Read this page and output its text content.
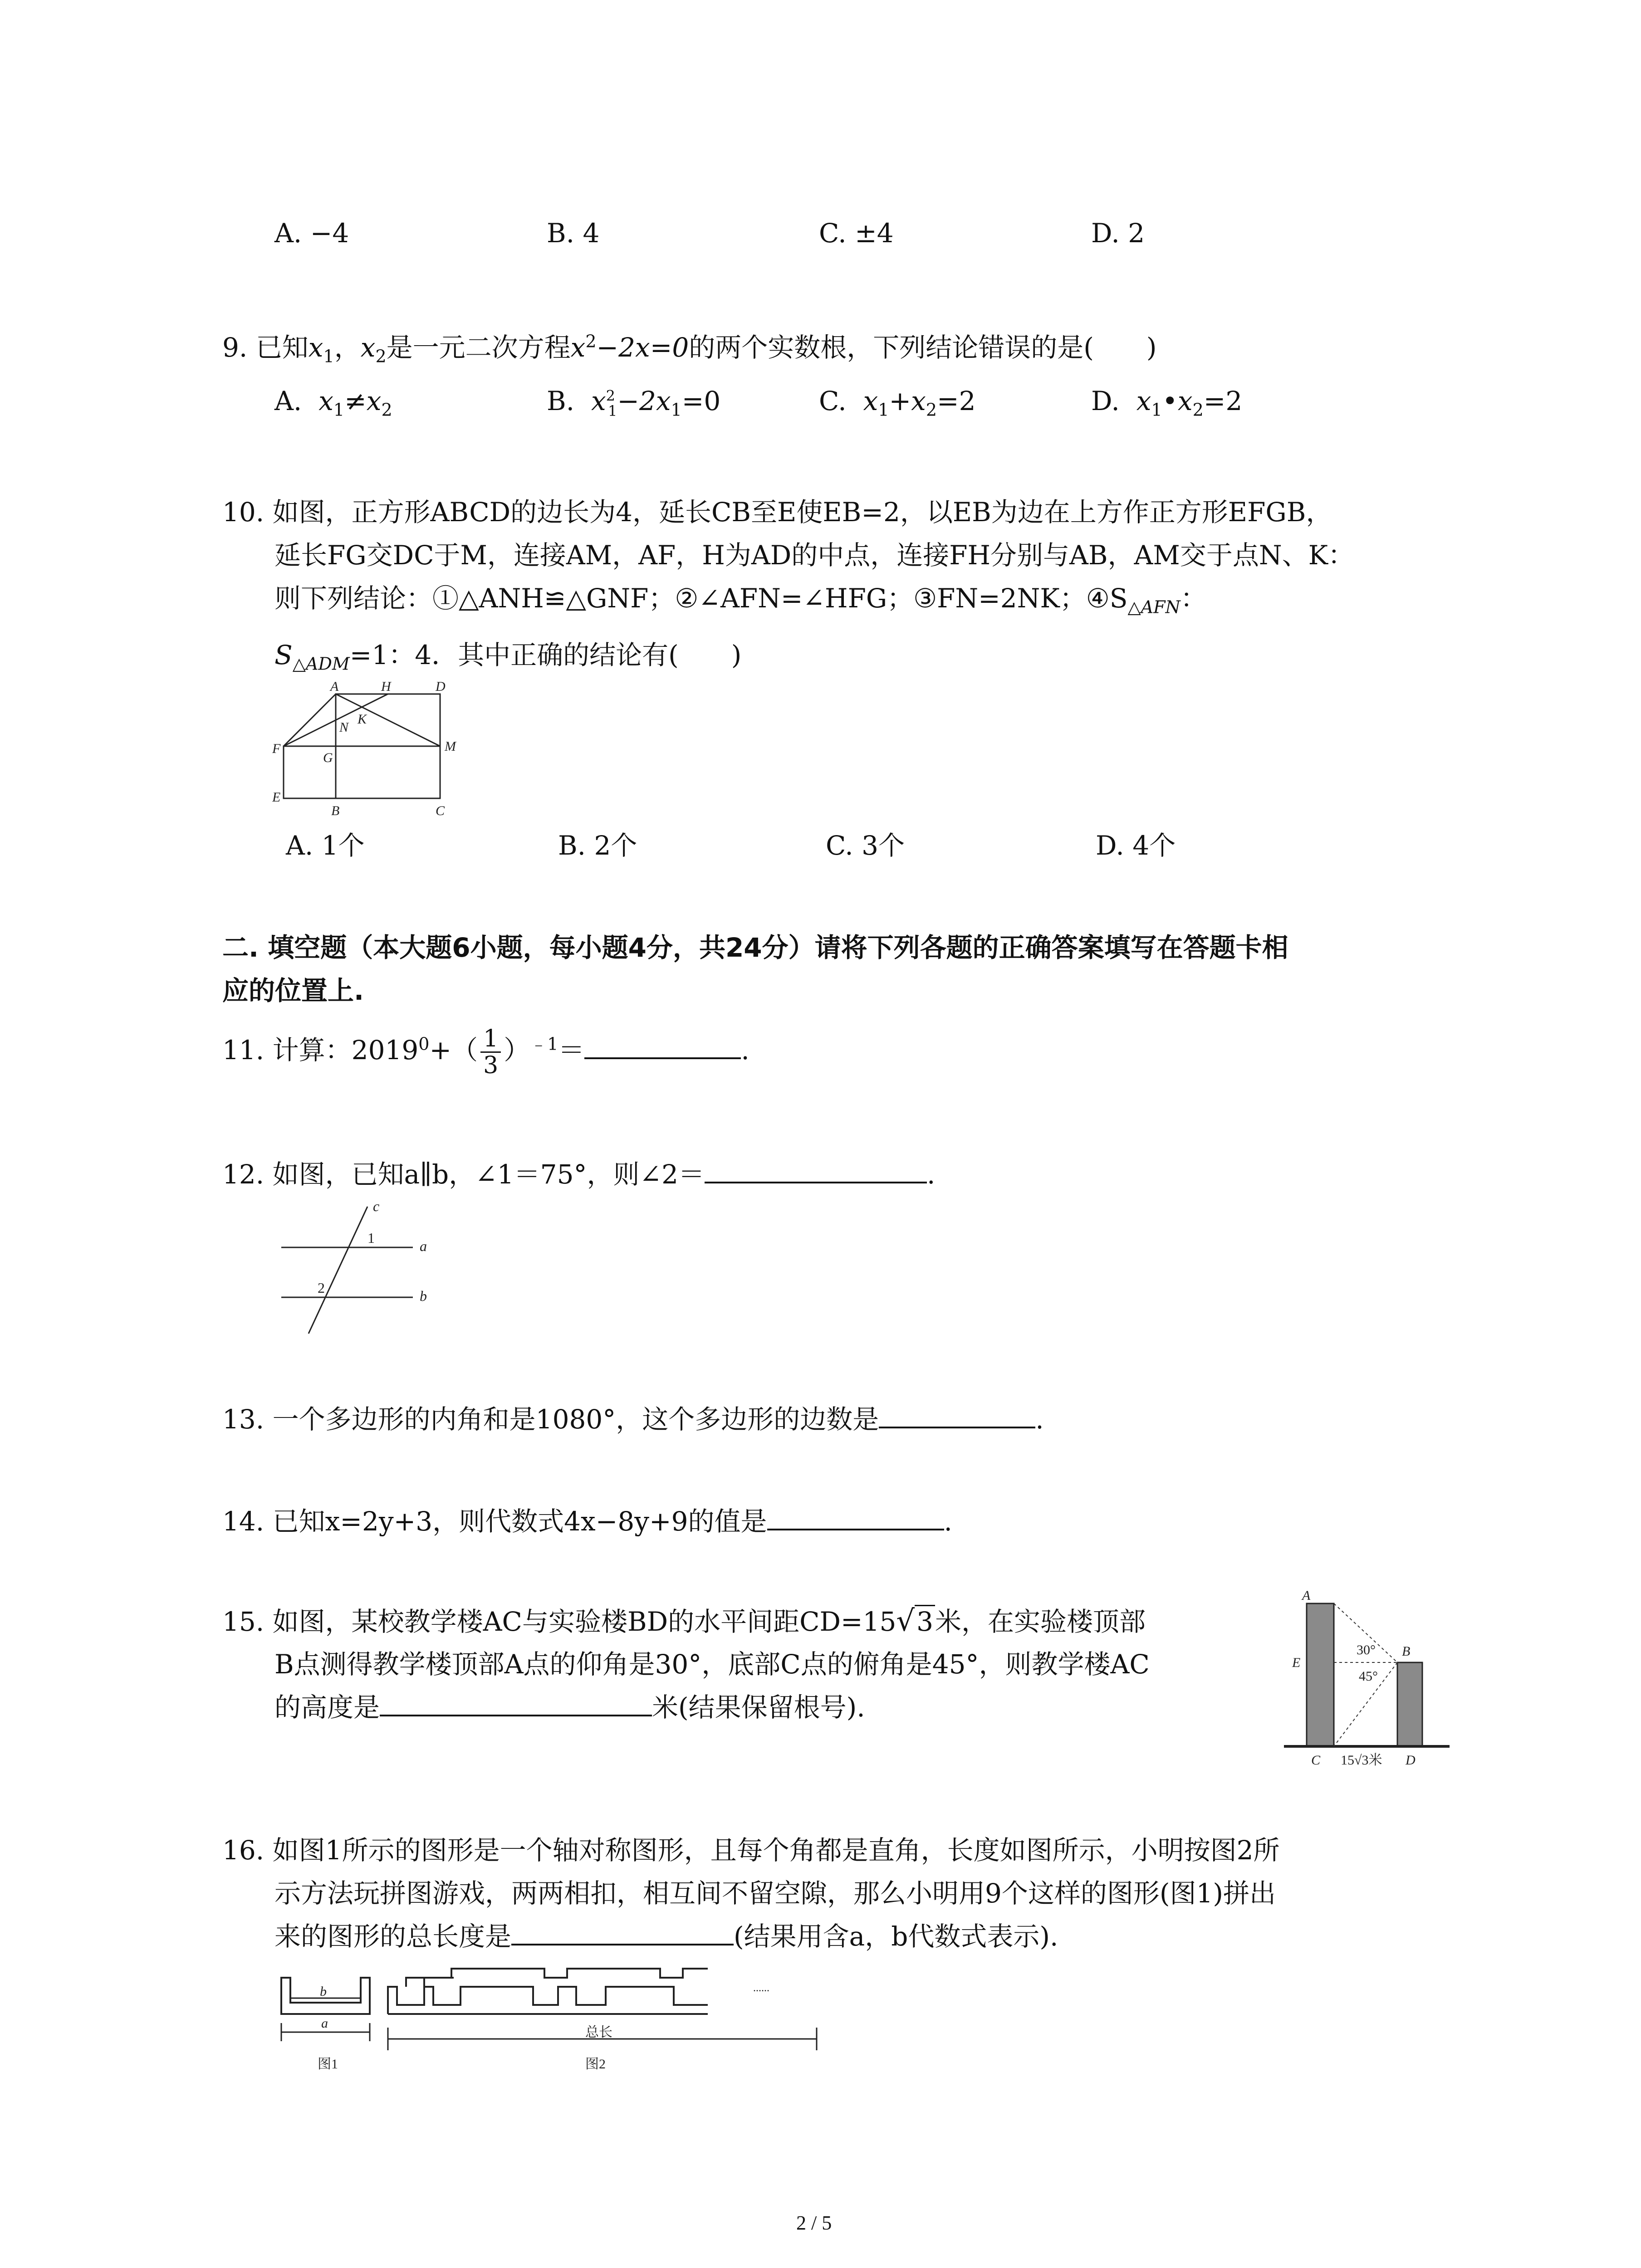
A. −4	B. 4	C. ±4	D. 2
9. 已知$x_1$，$x_2$是一元二次方程$x^2-2x=0$的两个实数根，下列结论错误的是(　　)
A. $x_1\ne x_2$	B. $x^2_1-2x_1=0$	C. $x_1+x_2=2$	D. $x_1•x_2=2$
10. 如图，正方形ABCD的边长为4，延长CB至E使EB=2，以EB为边在上方作正方形EFGB，
延长FG交DC于M，连接AM，AF，H为AD的中点，连接FH分别与AB，AM交于点N、K：
则下列结论：①△ANH≌△GNF；②∠AFN=∠HFG；③FN=2NK；$④S_{\triangle AFN}$：
$S_{\triangle ADM}=1$：4．其中正确的结论有(　　)
A	H	D
F
N
K
G
M
E
B	C
A. 1个	B. 2个	C. 3个	D. 4个
二. 填空题（本大题6小题，每小题4分，共24分）请将下列各题的正确答案填写在答题卡相
应的位置上.
11. 计算：$2019^0+( \frac{1}{3} )^{﹣1}=$	.
12. 如图，已知a∥b，∠1＝75°，则∠2＝	.
c
1	a
2	b
13. 一个多边形的内角和是1080°，这个多边形的边数是	.
14. 已知x=2y+3，则代数式4x−8y+9的值是	.
15. 如图，某校教学楼AC与实验楼BD的水平间距CD=15√3米，在实验楼顶部
B点测得教学楼顶部A点的仰角是30°，底部C点的俯角是45°，则教学楼AC
的高度是	米(结果保留根号).
A
E
30° B
45°
C 15√3米 D
16. 如图1所示的图形是一个轴对称图形，且每个角都是直角，长度如图所示，小明按图2所
示方法玩拼图游戏，两两相扣，相互间不留空隙，那么小明用9个这样的图形(图1)拼出
来的图形的总长度是	(结果用含a，b代数式表示).
b
a
总长
图1	图2
......
2 / 5
